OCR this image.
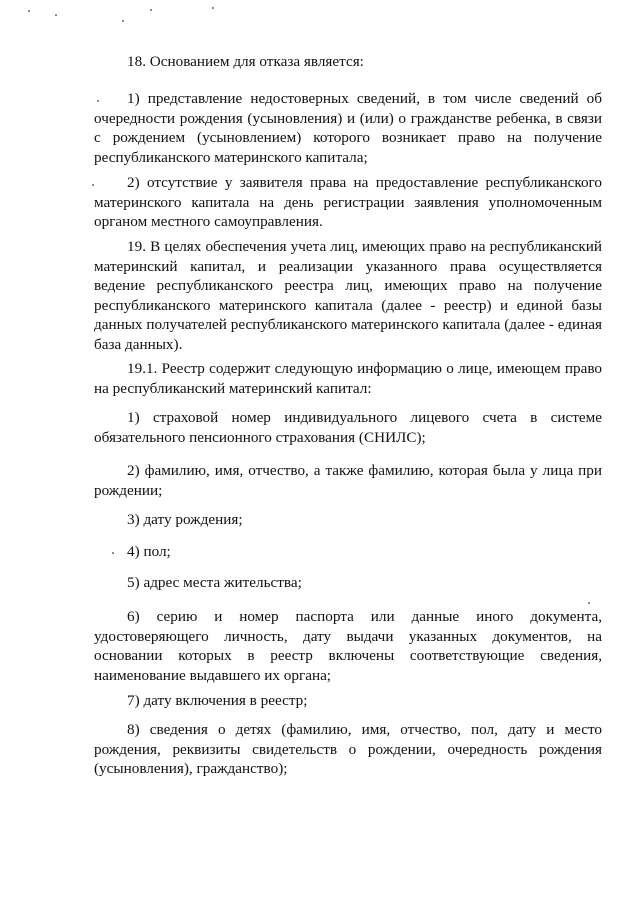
18. Основанием для отказа является:

1) представление недостоверных сведений, в том числе сведений об очередности рождения (усыновления) и (или) о гражданстве ребенка, в связи с рождением (усыновлением) которого возникает право на получение республиканского материнского капитала;

2) отсутствие у заявителя права на предоставление республиканского материнского капитала на день регистрации заявления уполномоченным органом местного самоуправления.

19. В целях обеспечения учета лиц, имеющих право на республиканский материнский капитал, и реализации указанного права осуществляется ведение республиканского реестра лиц, имеющих право на получение республиканского материнского капитала (далее - реестр) и единой базы данных получателей республиканского материнского капитала (далее - единая база данных).

19.1. Реестр содержит следующую информацию о лице, имеющем право на республиканский материнский капитал:

1) страховой номер индивидуального лицевого счета в системе обязательного пенсионного страхования (СНИЛС);

2) фамилию, имя, отчество, а также фамилию, которая была у лица при рождении;

3) дату рождения;

4) пол;

5) адрес места жительства;

6) серию и номер паспорта или данные иного документа, удостоверяющего личность, дату выдачи указанных документов, на основании которых в реестр включены соответствующие сведения, наименование выдавшего их органа;

7) дату включения в реестр;

8) сведения о детях (фамилию, имя, отчество, пол, дату и место рождения, реквизиты свидетельств о рождении, очередность рождения (усыновления), гражданство);
